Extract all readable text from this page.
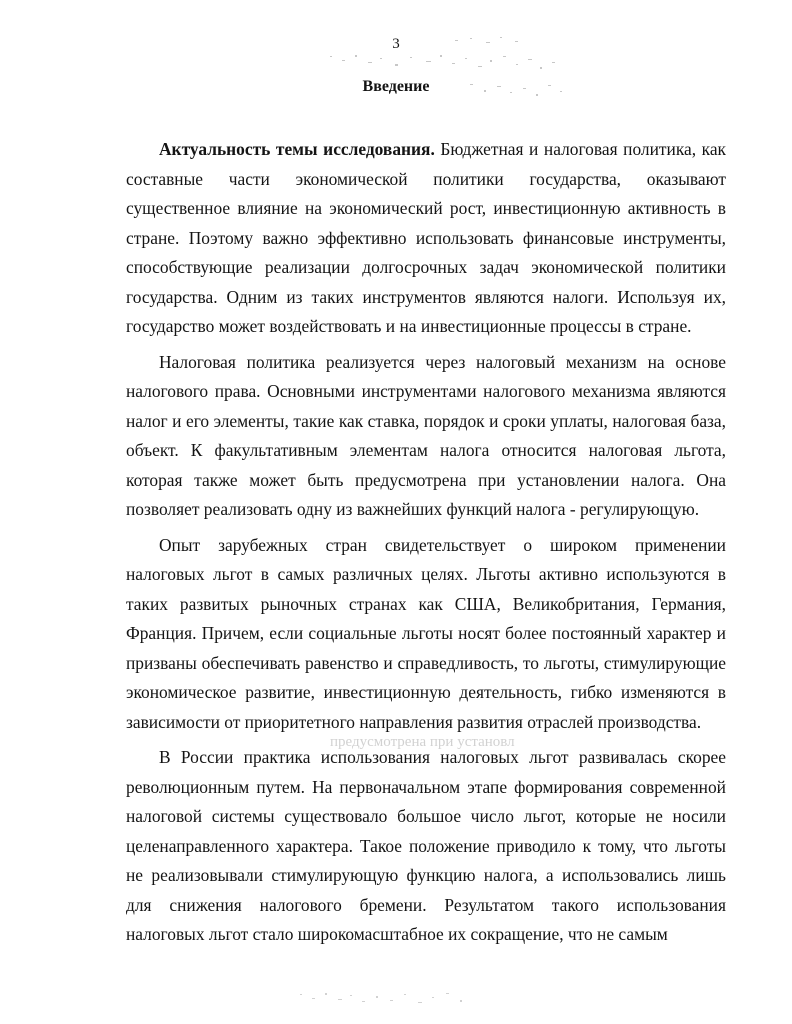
3
Введение

Актуальность темы исследования. Бюджетная и налоговая политика, как составные части экономической политики государства, оказывают существенное влияние на экономический рост, инвестиционную активность в стране. Поэтому важно эффективно использовать финансовые инструменты, способствующие реализации долгосрочных задач экономической политики государства. Одним из таких инструментов являются налоги. Используя их, государство может воздействовать и на инвестиционные процессы в стране.

Налоговая политика реализуется через налоговый механизм на основе налогового права. Основными инструментами налогового механизма являются налог и его элементы, такие как ставка, порядок и сроки уплаты, налоговая база, объект. К факультативным элементам налога относится налоговая льгота, которая также может быть предусмотрена при установлении налога. Она позволяет реализовать одну из важнейших функций налога - регулирующую.

Опыт зарубежных стран свидетельствует о широком применении налоговых льгот в самых различных целях. Льготы активно используются в таких развитых рыночных странах как США, Великобритания, Германия, Франция. Причем, если социальные льготы носят более постоянный характер и призваны обеспечивать равенство и справедливость, то льготы, стимулирующие экономическое развитие, инвестиционную деятельность, гибко изменяются в зависимости от приоритетного направления развития отраслей производства.

В России практика использования налоговых льгот развивалась скорее революционным путем. На первоначальном этапе формирования современной налоговой системы существовало большое число льгот, которые не носили целенаправленного характера. Такое положение приводило к тому, что льготы не реализовывали стимулирующую функцию налога, а использовались лишь для снижения налогового бремени. Результатом такого использования налоговых льгот стало широкомасштабное их сокращение, что не самым

предусмотрена при установл
